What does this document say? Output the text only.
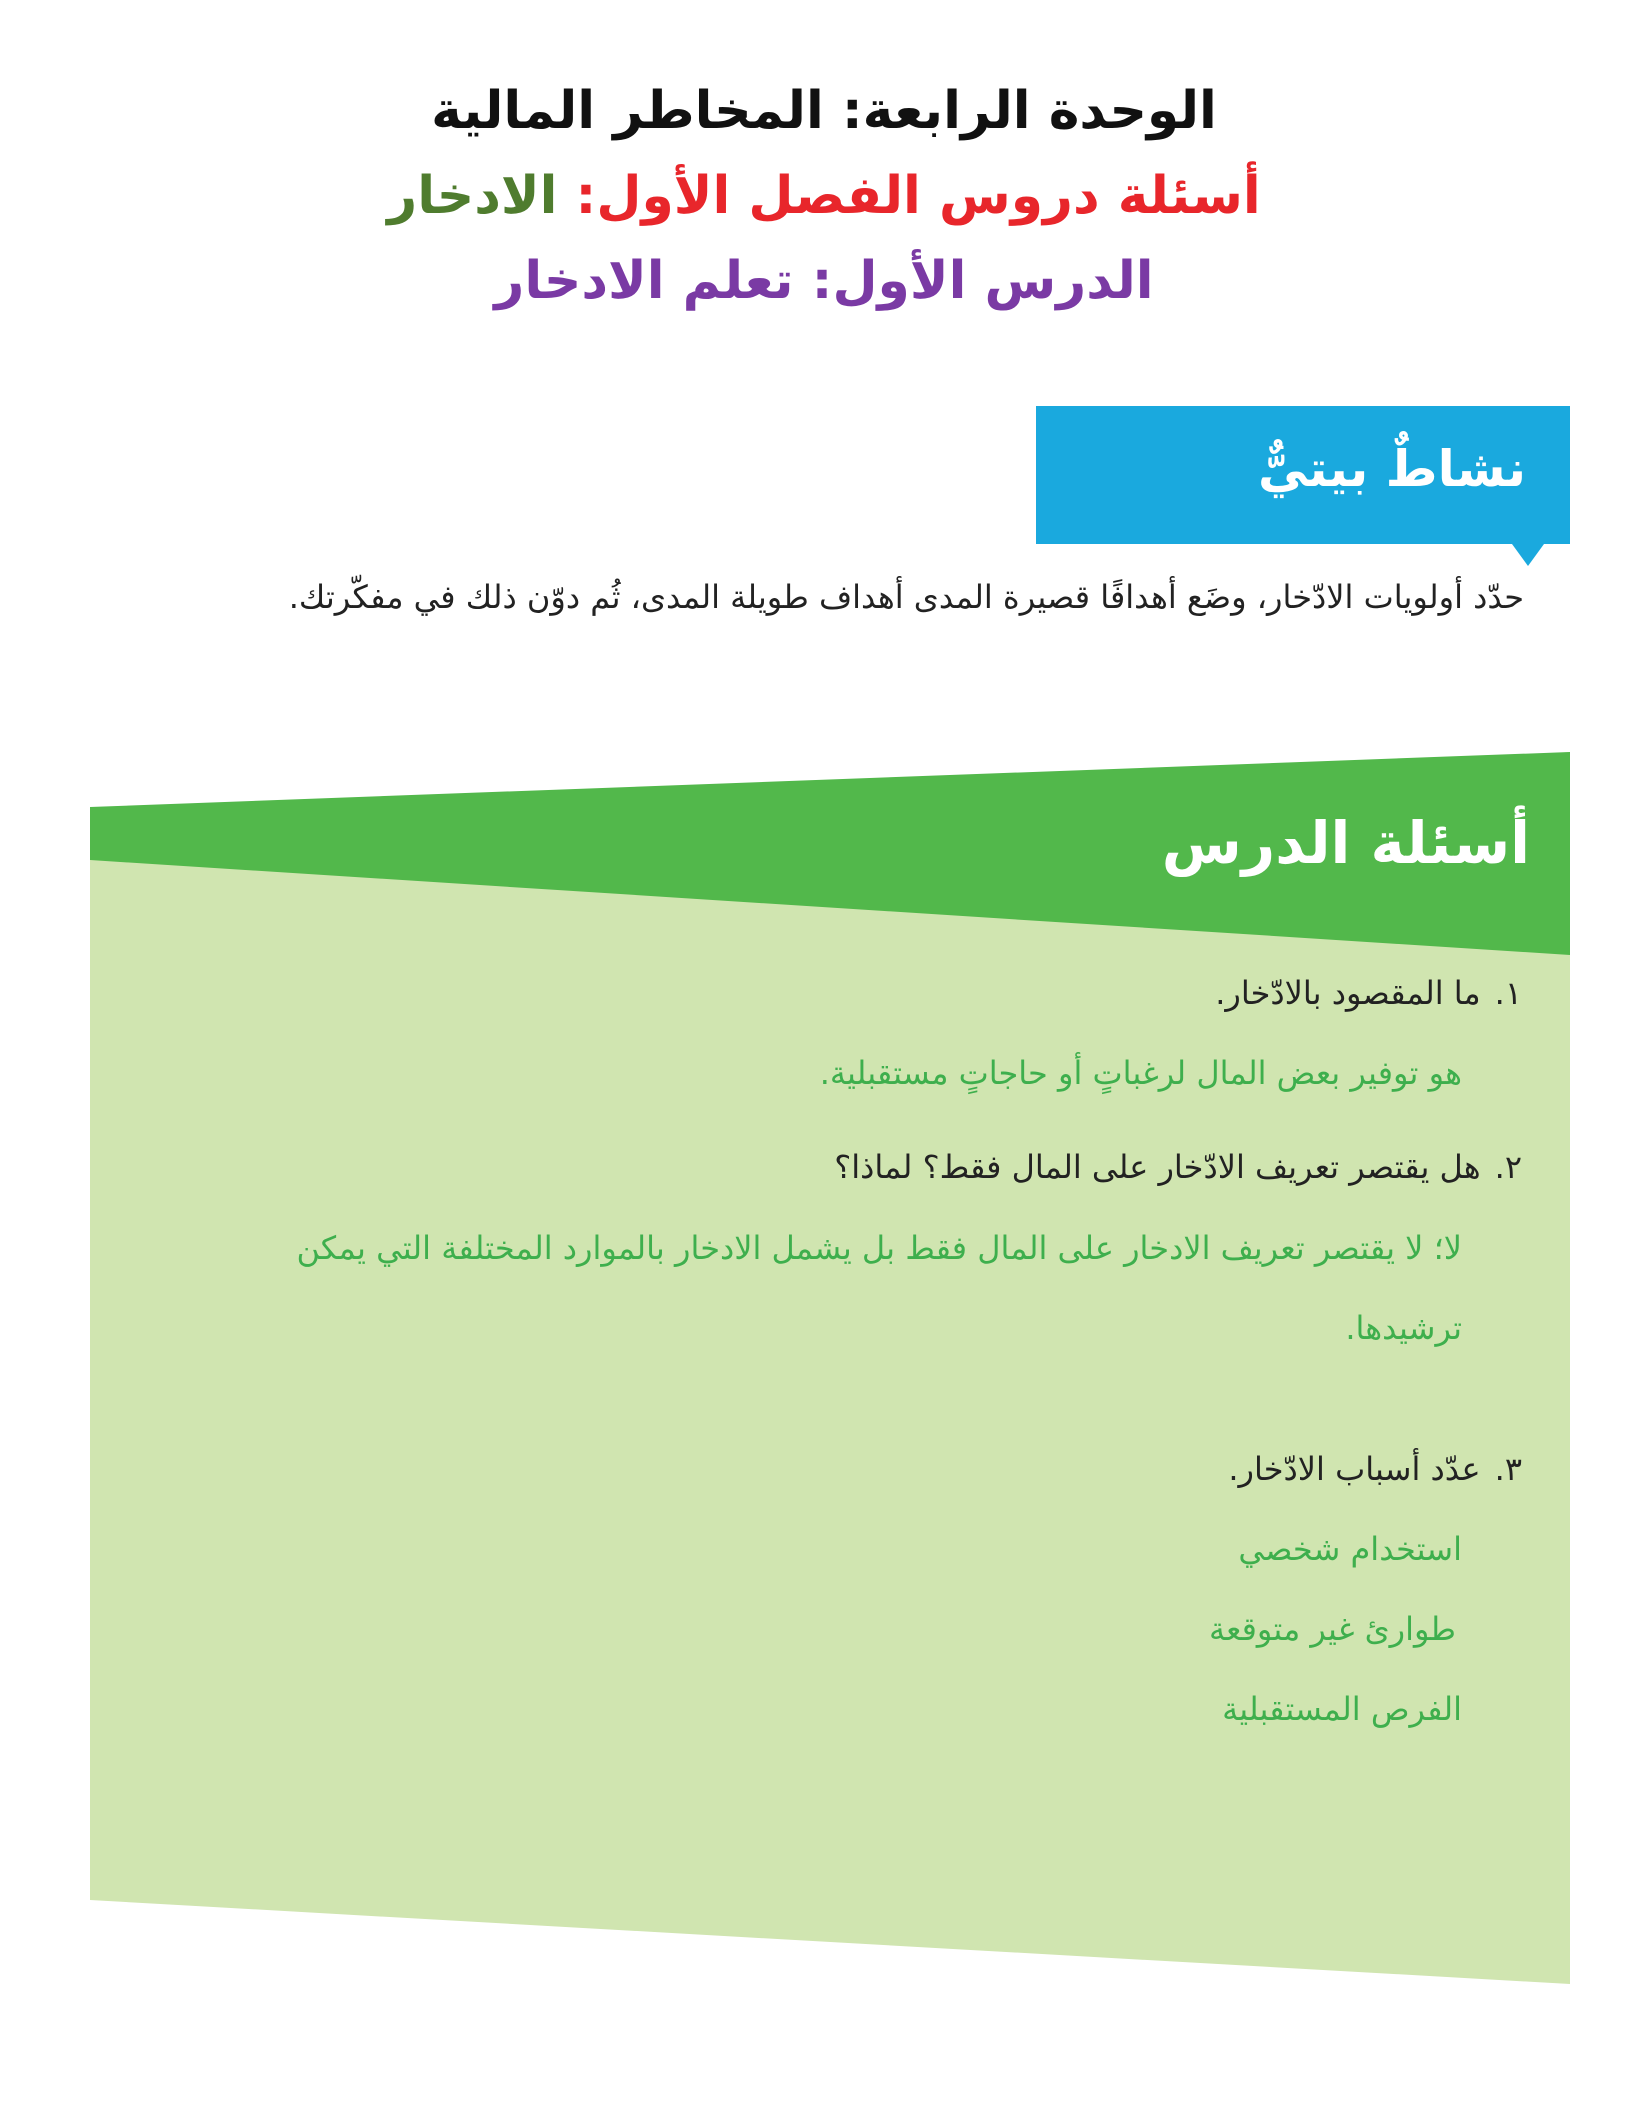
الوحدة الرابعة: المخاطر المالية
أسئلة دروس الفصل الأول: الادخار
الدرس الأول: تعلم الادخار
نشاطٌ بيتيٌّ
حدّد أولويات الادّخار، وضَع أهدافًا قصيرة المدى أهداف طويلة المدى، ثُم دوّن ذلك في مفكّرتك.
أسئلة الدرس
١.ما المقصود بالادّخار.
هو توفير بعض المال لرغباتٍ أو حاجاتٍ مستقبلية.
٢.هل يقتصر تعريف الادّخار على المال فقط؟ لماذا؟
لا؛ لا يقتصر تعريف الادخار على المال فقط بل يشمل الادخار بالموارد المختلفة التي يمكن
ترشيدها.
٣.عدّد أسباب الادّخار.
استخدام شخصي
طوارئ غير متوقعة
الفرص المستقبلية
